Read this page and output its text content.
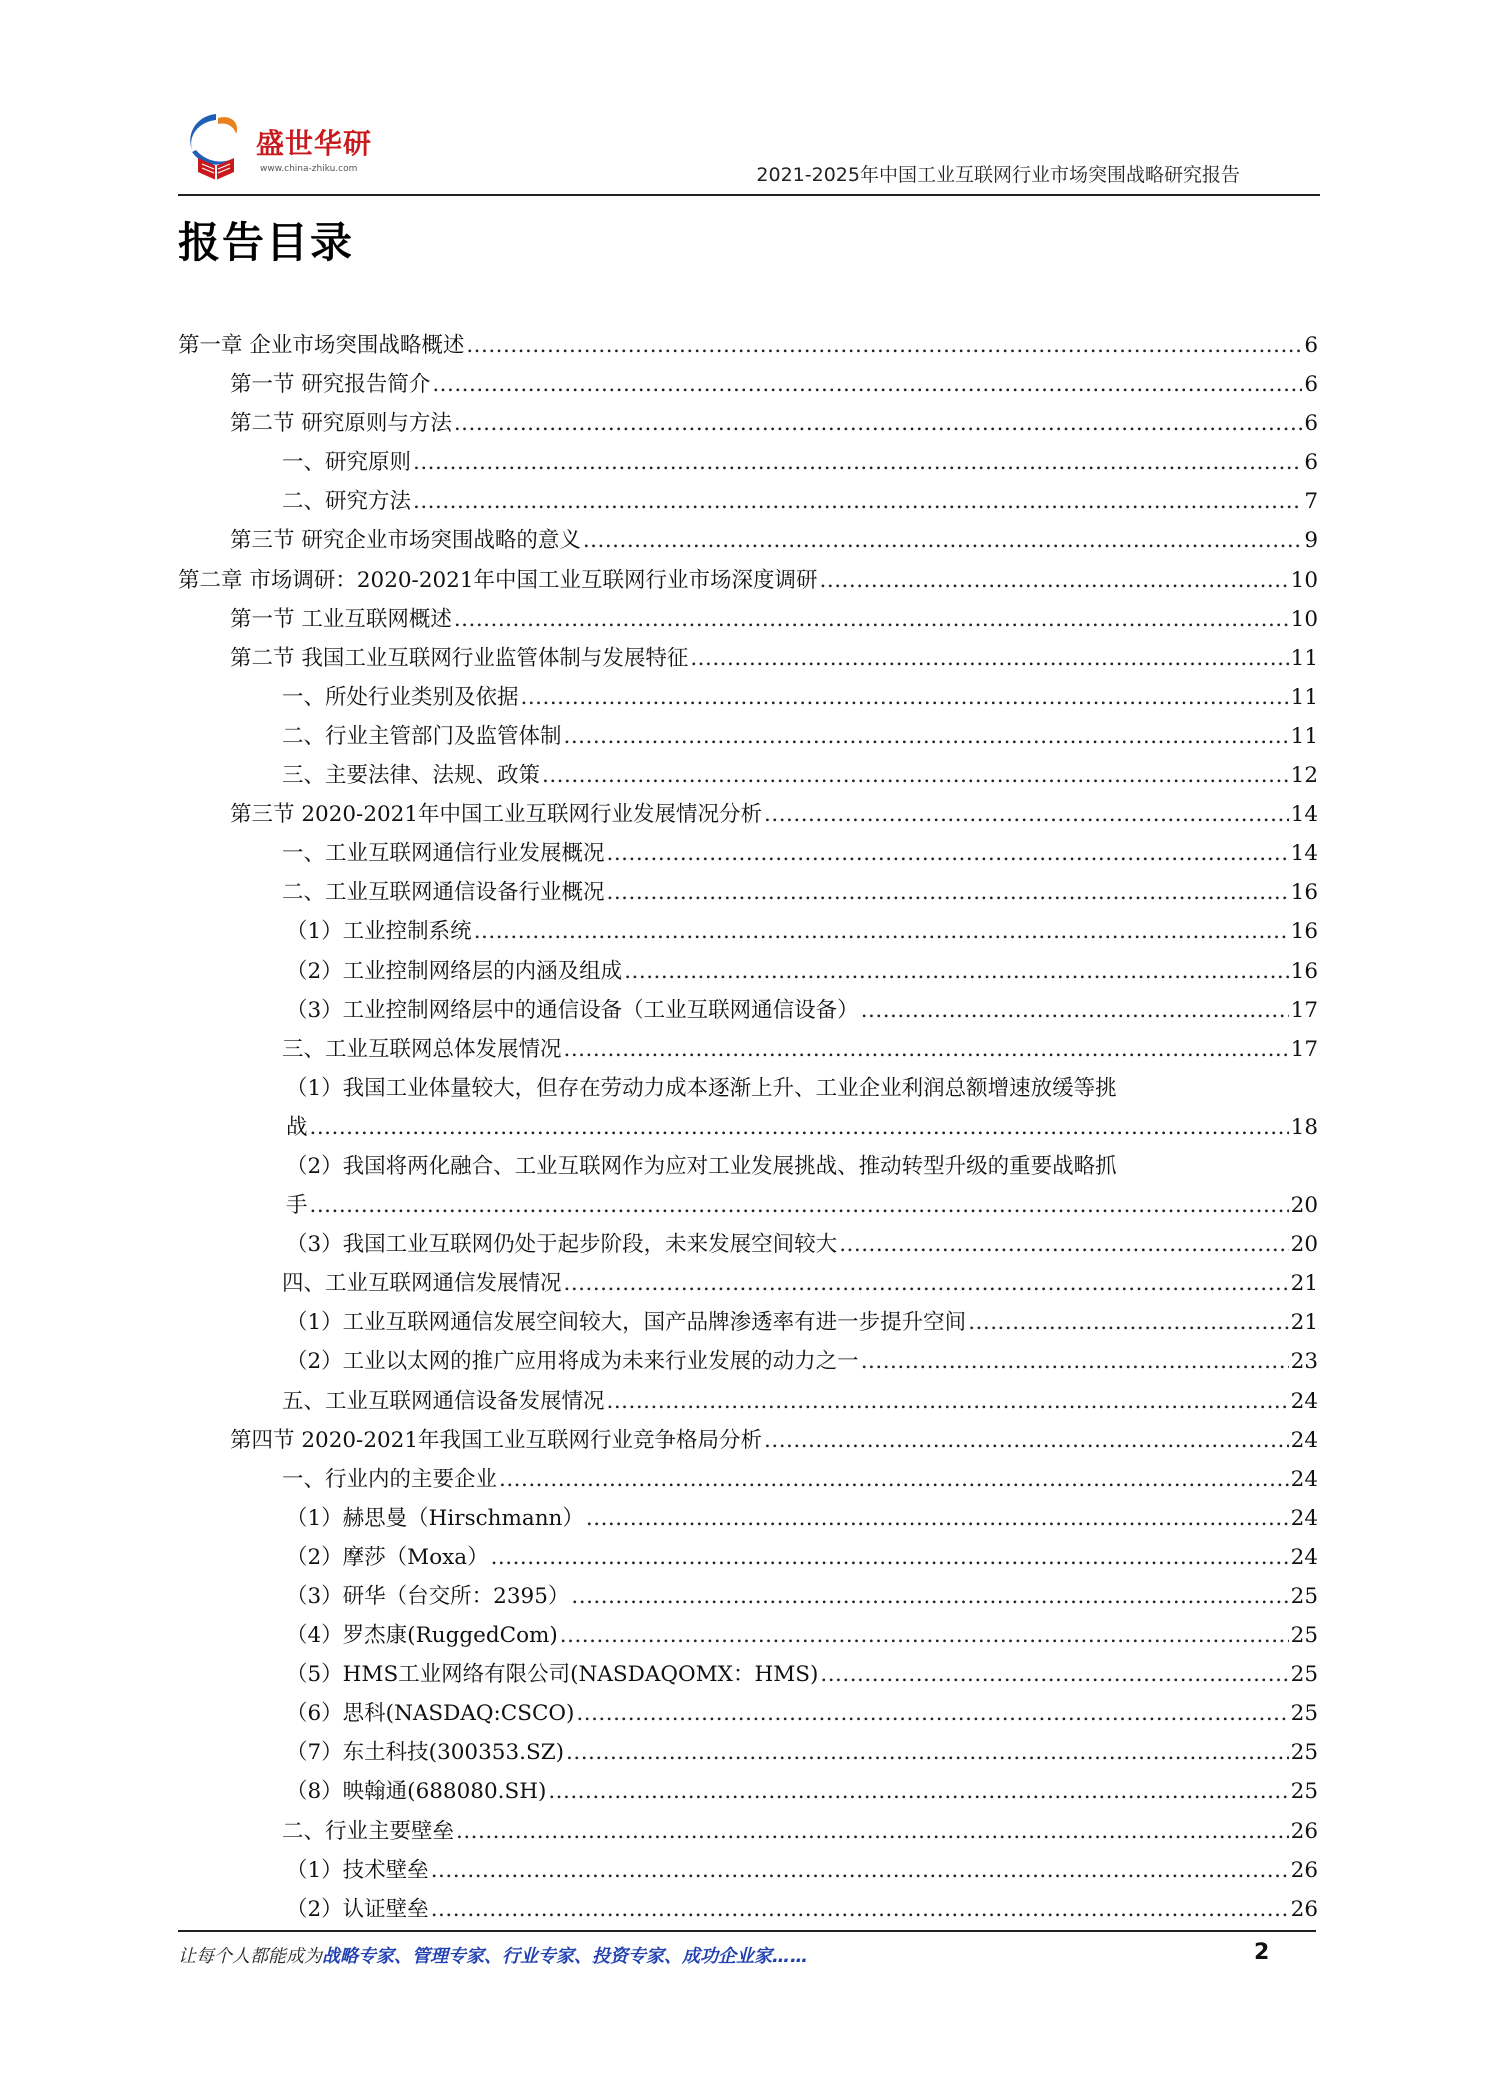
盛世华研
www.china-zhiku.com	2021-2025年中国工业互联网行业市场突围战略研究报告
报告目录
第一章 企业市场突围战略概述 .....	6
第一节 研究报告简介 .....	6
第二节 研究原则与方法 .....	6
一、研究原则 .....	6
二、研究方法 .....	7
第三节 研究企业市场突围战略的意义 .....	9
第二章 市场调研：2020-2021年中国工业互联网行业市场深度调研 .....	10
第一节 工业互联网概述 .....	10
第二节 我国工业互联网行业监管体制与发展特征 .....	11
一、所处行业类别及依据 .....	11
二、行业主管部门及监管体制 .....	11
三、主要法律、法规、政策 .....	12
第三节 2020-2021年中国工业互联网行业发展情况分析 .....	14
一、工业互联网通信行业发展概况 .....	14
二、工业互联网通信设备行业概况 .....	16
（1）工业控制系统 .....	16
（2）工业控制网络层的内涵及组成 .....	16
（3）工业控制网络层中的通信设备（工业互联网通信设备） .....	17
三、工业互联网总体发展情况 .....	17
（1）我国工业体量较大，但存在劳动力成本逐渐上升、工业企业利润总额增速放缓等挑
战 .....	18
（2）我国将两化融合、工业互联网作为应对工业发展挑战、推动转型升级的重要战略抓
手 .....	20
（3）我国工业互联网仍处于起步阶段，未来发展空间较大 .....	20
四、工业互联网通信发展情况 .....	21
（1）工业互联网通信发展空间较大，国产品牌渗透率有进一步提升空间 .....	21
（2）工业以太网的推广应用将成为未来行业发展的动力之一 .....	23
五、工业互联网通信设备发展情况 .....	24
第四节 2020-2021年我国工业互联网行业竞争格局分析 .....	24
一、行业内的主要企业 .....	24
（1）赫思曼（Hirschmann） .....	24
（2）摩莎（Moxa） .....	24
（3）研华（台交所：2395） .....	25
（4）罗杰康(RuggedCom) .....	25
（5）HMS工业网络有限公司(NASDAQOMX：HMS) .....	25
（6）思科(NASDAQ:CSCO) .....	25
（7）东土科技(300353.SZ) .....	25
（8）映翰通(688080.SH) .....	25
二、行业主要壁垒 .....	26
（1）技术壁垒 .....	26
（2）认证壁垒 .....	26
让每个人都能成为战略专家、管理专家、行业专家、投资专家、成功企业家……	2
